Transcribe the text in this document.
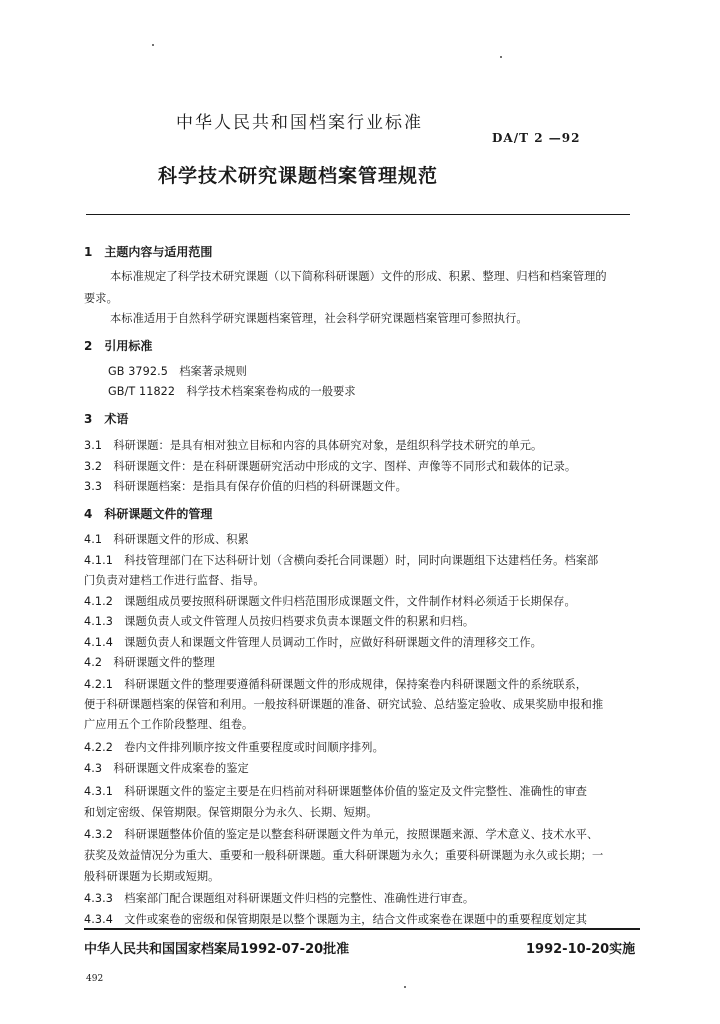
中华人民共和国档案行业标准
DA/T 2 —92
科学技术研究课题档案管理规范
1　主题内容与适用范围
本标准规定了科学技术研究课题（以下简称科研课题）文件的形成、积累、整理、归档和档案管理的
要求。
本标准适用于自然科学研究课题档案管理，社会科学研究课题档案管理可参照执行。
2　引用标准
GB 3792.5　档案著录规则
GB/T 11822　科学技术档案案卷构成的一般要求
3　术语
3.1　科研课题：是具有相对独立目标和内容的具体研究对象，是组织科学技术研究的单元。
3.2　科研课题文件：是在科研课题研究活动中形成的文字、图样、声像等不同形式和载体的记录。
3.3　科研课题档案：是指具有保存价值的归档的科研课题文件。
4　科研课题文件的管理
4.1　科研课题文件的形成、积累
4.1.1　科技管理部门在下达科研计划（含横向委托合同课题）时，同时向课题组下达建档任务。档案部
门负责对建档工作进行监督、指导。
4.1.2　课题组成员要按照科研课题文件归档范围形成课题文件，文件制作材料必须适于长期保存。
4.1.3　课题负责人或文件管理人员按归档要求负责本课题文件的积累和归档。
4.1.4　课题负责人和课题文件管理人员调动工作时，应做好科研课题文件的清理移交工作。
4.2　科研课题文件的整理
4.2.1　科研课题文件的整理要遵循科研课题文件的形成规律，保持案卷内科研课题文件的系统联系，
便于科研课题档案的保管和利用。一般按科研课题的准备、研究试验、总结鉴定验收、成果奖励申报和推
广应用五个工作阶段整理、组卷。
4.2.2　卷内文件排列顺序按文件重要程度或时间顺序排列。
4.3　科研课题文件成案卷的鉴定
4.3.1　科研课题文件的鉴定主要是在归档前对科研课题整体价值的鉴定及文件完整性、准确性的审查
和划定密级、保管期限。保管期限分为永久、长期、短期。
4.3.2　科研课题整体价值的鉴定是以整套科研课题文件为单元，按照课题来源、学术意义、技术水平、
获奖及效益情况分为重大、重要和一般科研课题。重大科研课题为永久；重要科研课题为永久或长期；一
般科研课题为长期或短期。
4.3.3　档案部门配合课题组对科研课题文件归档的完整性、准确性进行审查。
4.3.4　文件或案卷的密级和保管期限是以整个课题为主，结合文件或案卷在课题中的重要程度划定其
中华人民共和国国家档案局1992-07-20批准	1992-10-20实施
492
